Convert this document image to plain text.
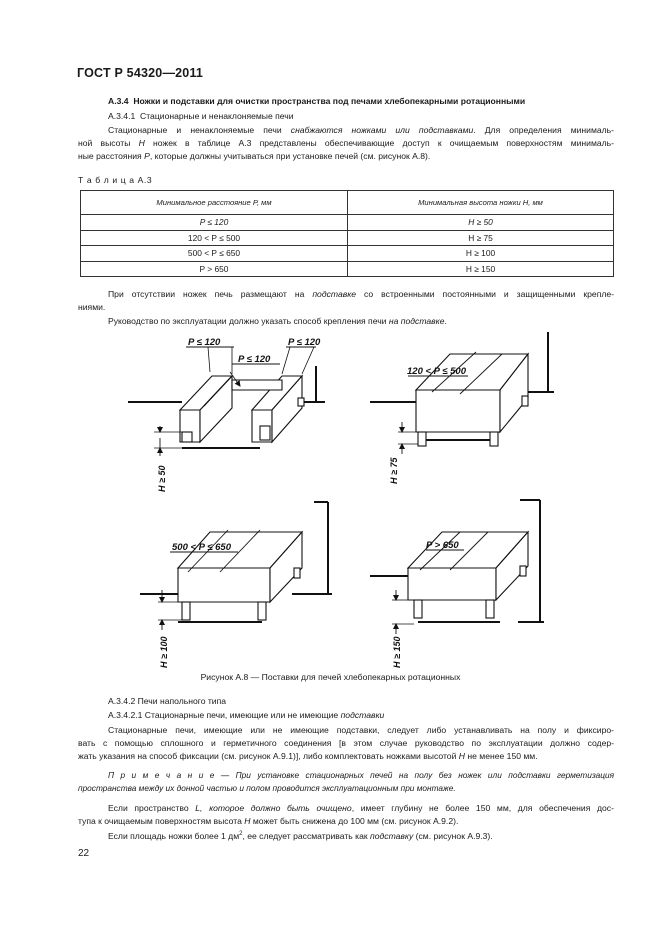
ГОСТ Р 54320—2011
А.3.4 Ножки и подставки для очистки пространства под печами хлебопекарными ротационными
А.3.4.1 Стационарные и ненаклоняемые печи
Стационарные и ненаклоняемые печи снабжаются ножками или подставками. Для определения минималь-
ной высоты H ножек в таблице А.3 представлены обеспечивающие доступ к очищаемым поверхностям минималь-
ные расстояния P, которые должны учитываться при установке печей (см. рисунок А.8).
Т а б л и ц а А.3
Минимальное расстояние P, мм	Минимальная высота ножки H, мм
P ≤ 120	H ≥ 50
120 < P ≤ 500	H ≥ 75
500 < P ≤ 650	H ≥ 100
P > 650	H ≥ 150
При отсутствии ножек печь размещают на подставке со встроенными постоянными и защищенными крепле-
ниями.
Руководство по эксплуатации должно указать способ крепления печи на подставке.
P ≤ 120	P ≤ 120
P ≤ 120
H ≥ 50
120 < P ≤ 500
H ≥ 75
500 < P ≤ 650
H ≥ 100
P > 650
H ≥ 150
Рисунок А.8 — Поставки для печей хлебопекарных ротационных
А.3.4.2 Печи напольного типа
А.3.4.2.1 Стационарные печи, имеющие или не имеющие подставки
Стационарные печи, имеющие или не имеющие подставки, следует либо устанавливать на полу и фиксиро-
вать с помощью сплошного и герметичного соединения [в этом случае руководство по эксплуатации должно содер-
жать указания на способ фиксации (см. рисунок А.9.1)], либо комплектовать ножками высотой H не менее 150 мм.
П р и м е ч а н и е — При установке стационарных печей на полу без ножек или подставки герметизация
пространства между их донной частью и полом проводится эксплуатационным при монтаже.
Если пространство L, которое должно быть очищено, имеет глубину не более 150 мм, для обеспечения дос-
тупа к очищаемым поверхностям высота H может быть снижена до 100 мм (см. рисунок А.9.2).
Если площадь ножки более 1 $дм^2$, ее следует рассматривать как подставку (см. рисунок А.9.3).
22
